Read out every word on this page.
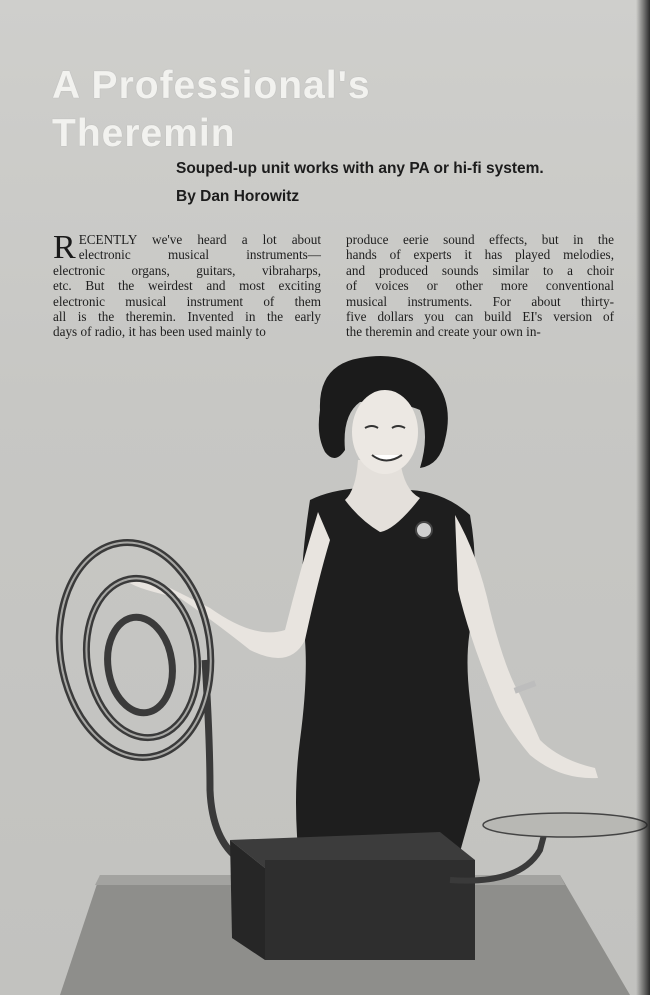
A Professional's
Theremin
Souped-up unit works with any PA or hi-fi system.
By Dan Horowitz
R ECENTLY we've heard a lot about
electronic musical instruments—
electronic organs, guitars, vibraharps,
etc. But the weirdest and most exciting
electronic musical instrument of them
all is the theremin. Invented in the early
days of radio, it has been used mainly to
produce eerie sound effects, but in the
hands of experts it has played melodies,
and produced sounds similar to a choir
of voices or other more conventional
musical instruments. For about thirty-
five dollars you can build EI's version of
the theremin and create your own in-
